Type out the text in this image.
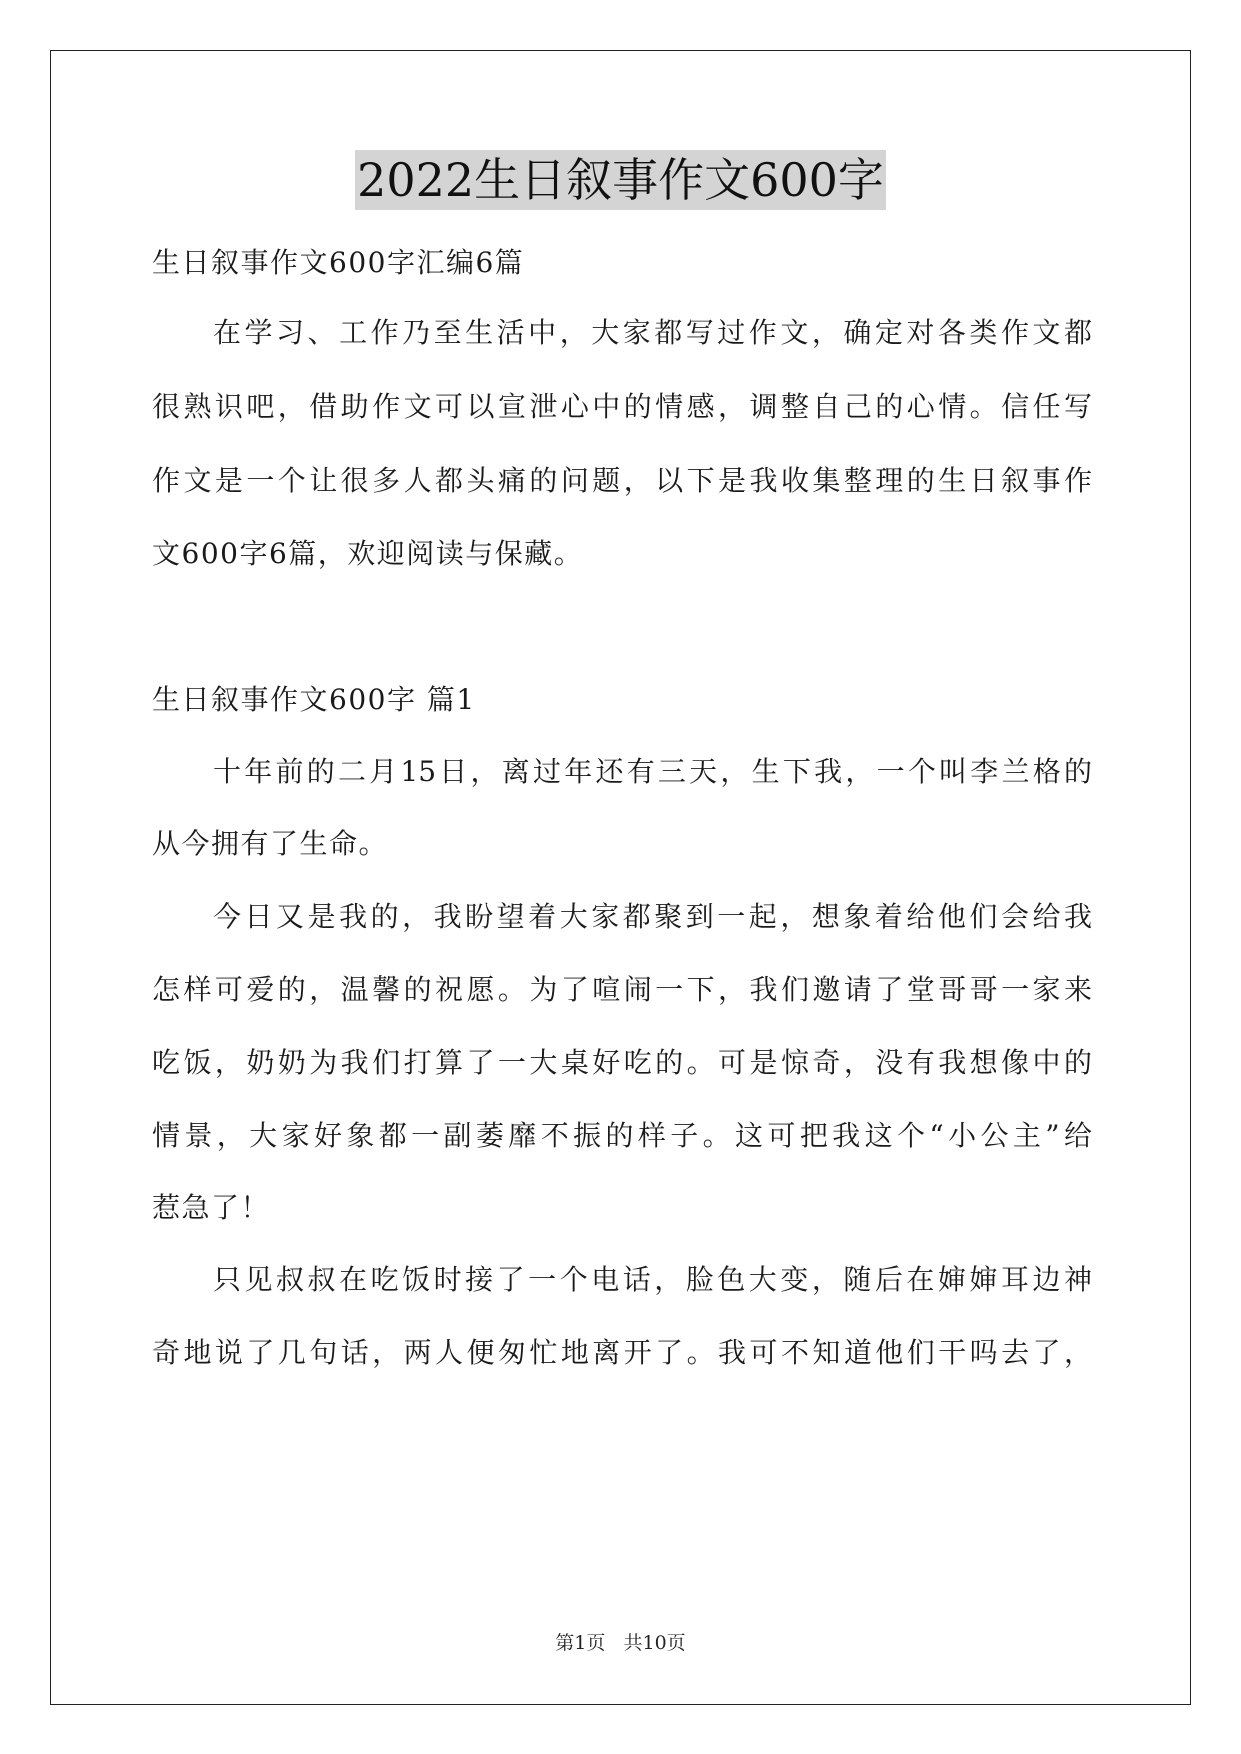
2022生日叙事作文600字
生日叙事作文600字汇编6篇
在学习、工作乃至生活中，大家都写过作文，确定对各类作文都
很熟识吧，借助作文可以宣泄心中的情感，调整自己的心情。信任写
作文是一个让很多人都头痛的问题，以下是我收集整理的生日叙事作
文600字6篇，欢迎阅读与保藏。
生日叙事作文600字 篇1
十年前的二月15日，离过年还有三天，生下我，一个叫李兰格的
从今拥有了生命。
今日又是我的，我盼望着大家都聚到一起，想象着给他们会给我
怎样可爱的，温馨的祝愿。为了喧闹一下，我们邀请了堂哥哥一家来
吃饭，奶奶为我们打算了一大桌好吃的。可是惊奇，没有我想像中的
情景，大家好象都一副萎靡不振的样子。这可把我这个“小公主”给
惹急了！
只见叔叔在吃饭时接了一个电话，脸色大变，随后在婶婶耳边神
奇地说了几句话，两人便匆忙地离开了。我可不知道他们干吗去了，
第1页   共10页
